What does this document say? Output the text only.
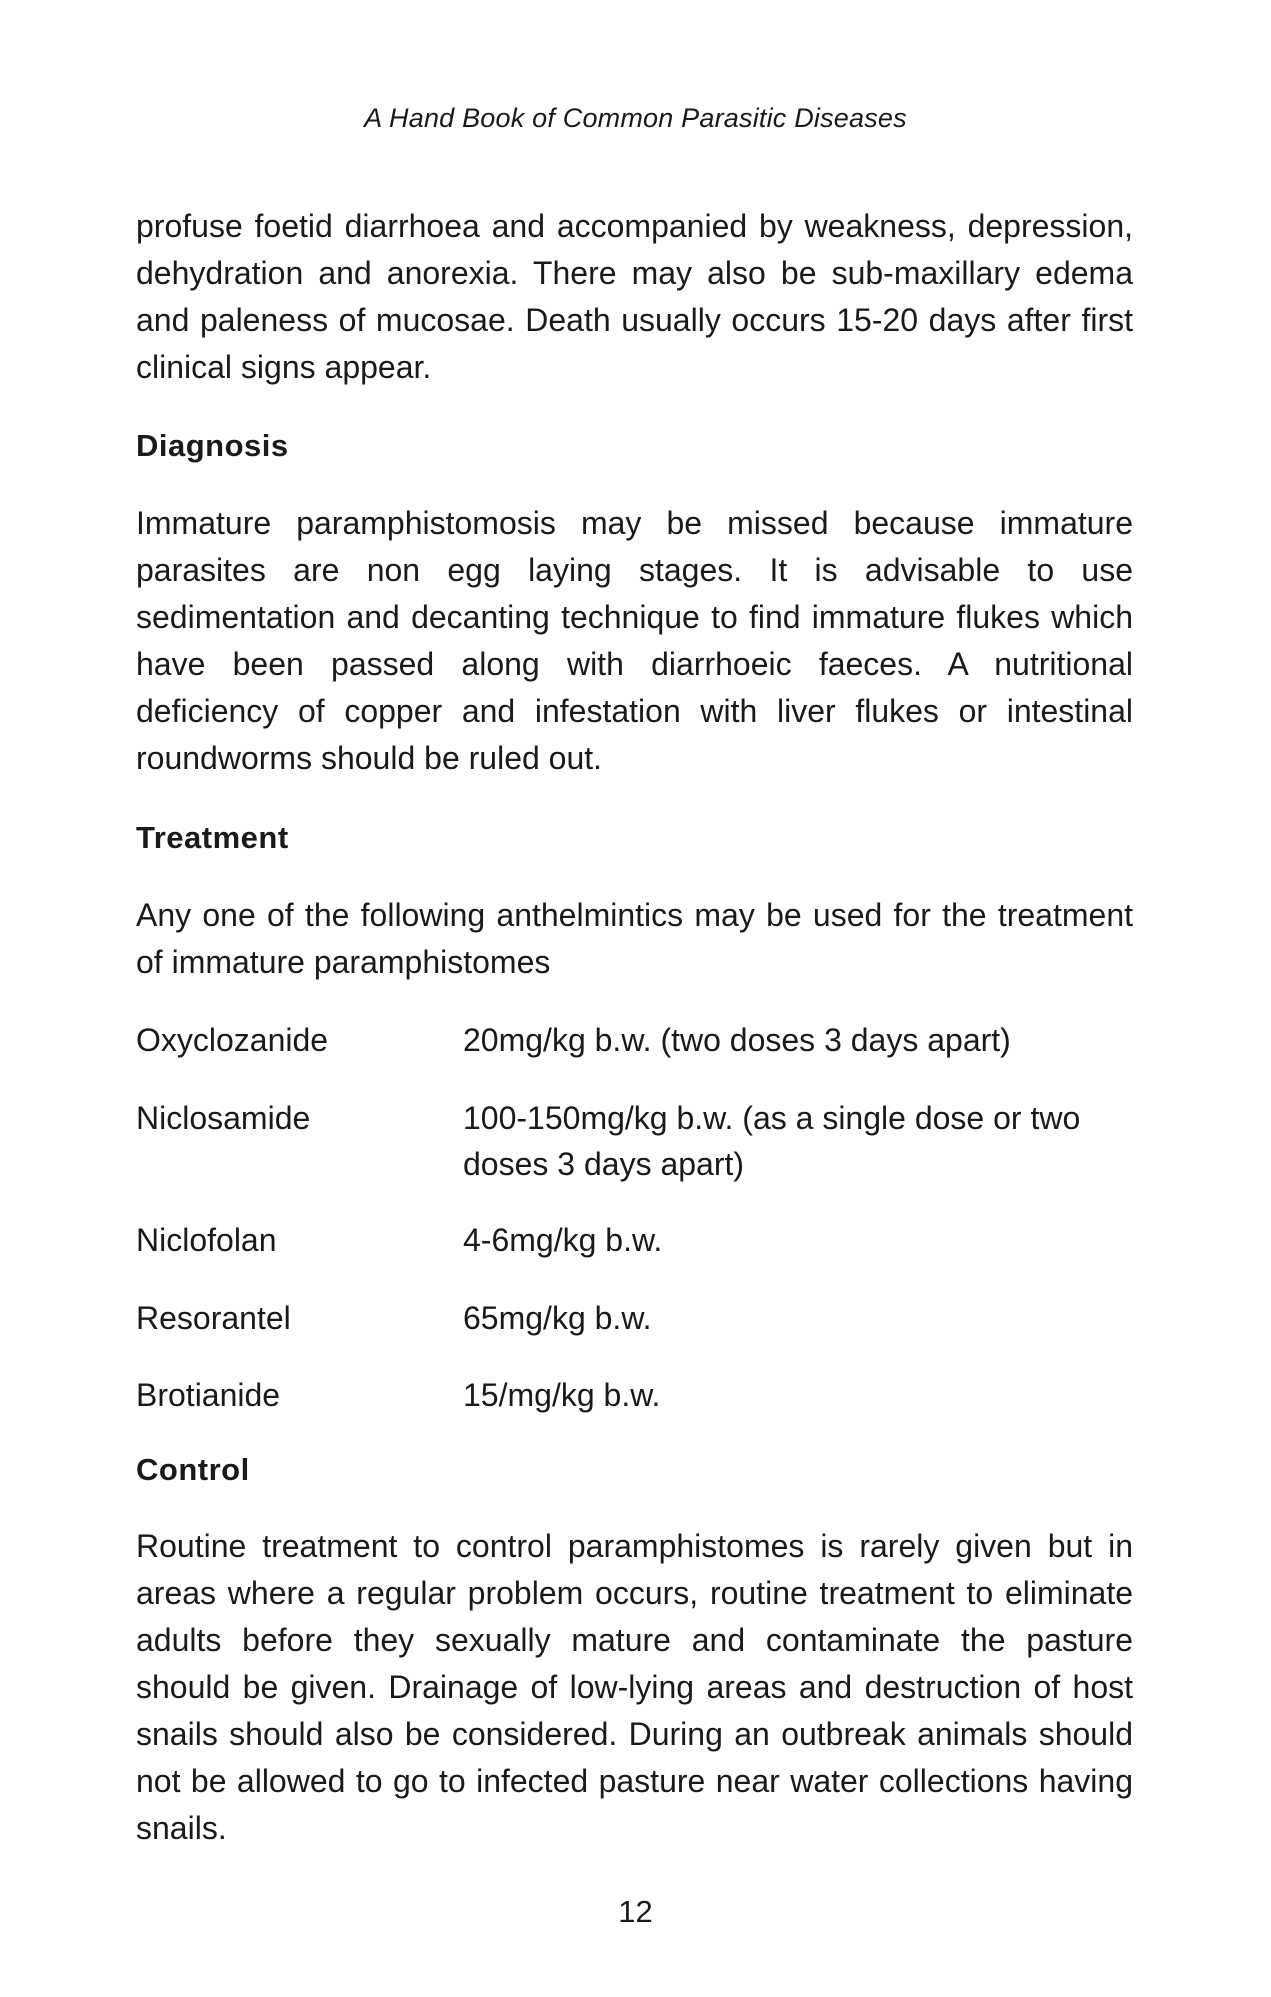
A Hand Book of Common Parasitic Diseases
profuse foetid diarrhoea and accompanied by weakness, depression, dehydration and anorexia. There may also be sub-maxillary edema and paleness of mucosae. Death usually occurs 15-20 days after first clinical signs appear.
Diagnosis
Immature paramphistomosis may be missed because immature parasites are non egg laying stages. It is advisable to use sedimentation and decanting technique to find immature flukes which have been passed along with diarrhoeic faeces. A nutritional deficiency of copper and infestation with liver flukes or intestinal roundworms should be ruled out.
Treatment
Any one of the following anthelmintics may be used for the treatment of immature paramphistomes
Oxyclozanide	20mg/kg b.w. (two doses 3 days apart)
Niclosamide	100-150mg/kg b.w. (as a single dose or two doses 3 days apart)
Niclofolan	4-6mg/kg b.w.
Resorantel	65mg/kg b.w.
Brotianide	15/mg/kg b.w.
Control
Routine treatment to control paramphistomes is rarely given but in areas where a regular problem occurs, routine treatment to eliminate adults before they sexually mature and contaminate the pasture should be given. Drainage of low-lying areas and destruction of host snails should also be considered. During an outbreak animals should not be allowed to go to infected pasture near water collections having snails.
12
